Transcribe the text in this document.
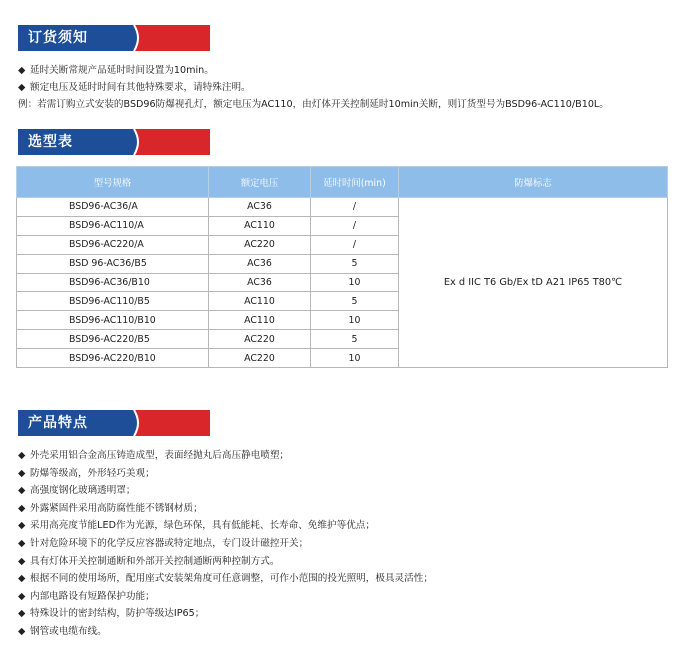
订货须知
◆ 延时关断常规产品延时时间设置为10min。
◆ 额定电压及延时时间有其他特殊要求，请特殊注明。
例：若需订购立式安装的BSD96防爆视孔灯，额定电压为AC110，由灯体开关控制延时10min关断，则订货型号为BSD96-AC110/B10L。
选型表
型号规格	额定电压	延时时间(min)	防爆标志
BSD96-AC36/A	AC36	/	Ex d IIC T6 Gb/Ex tD A21 IP65 T80℃
BSD96-AC110/A	AC110	/	
BSD96-AC220/A	AC220	/	
BSD 96-AC36/B5	AC36	5	
BSD96-AC36/B10	AC36	10	
BSD96-AC110/B5	AC110	5	
BSD96-AC110/B10	AC110	10	
BSD96-AC220/B5	AC220	5	
BSD96-AC220/B10	AC220	10	
产品特点
◆ 外壳采用铝合金高压铸造成型，表面经抛丸后高压静电喷塑；
◆ 防爆等级高，外形轻巧美观；
◆ 高强度钢化玻璃透明罩；
◆ 外露紧固件采用高防腐性能不锈钢材质；
◆ 采用高亮度节能LED作为光源，绿色环保，具有低能耗、长寿命、免维护等优点；
◆ 针对危险环境下的化学反应容器或特定地点，专门设计磁控开关；
◆ 具有灯体开关控制通断和外部开关控制通断两种控制方式。
◆ 根据不同的使用场所，配用座式安装架角度可任意调整，可作小范围的投光照明，极具灵活性；
◆ 内部电路设有短路保护功能；
◆ 特殊设计的密封结构，防护等级达IP65；
◆ 钢管或电缆布线。
